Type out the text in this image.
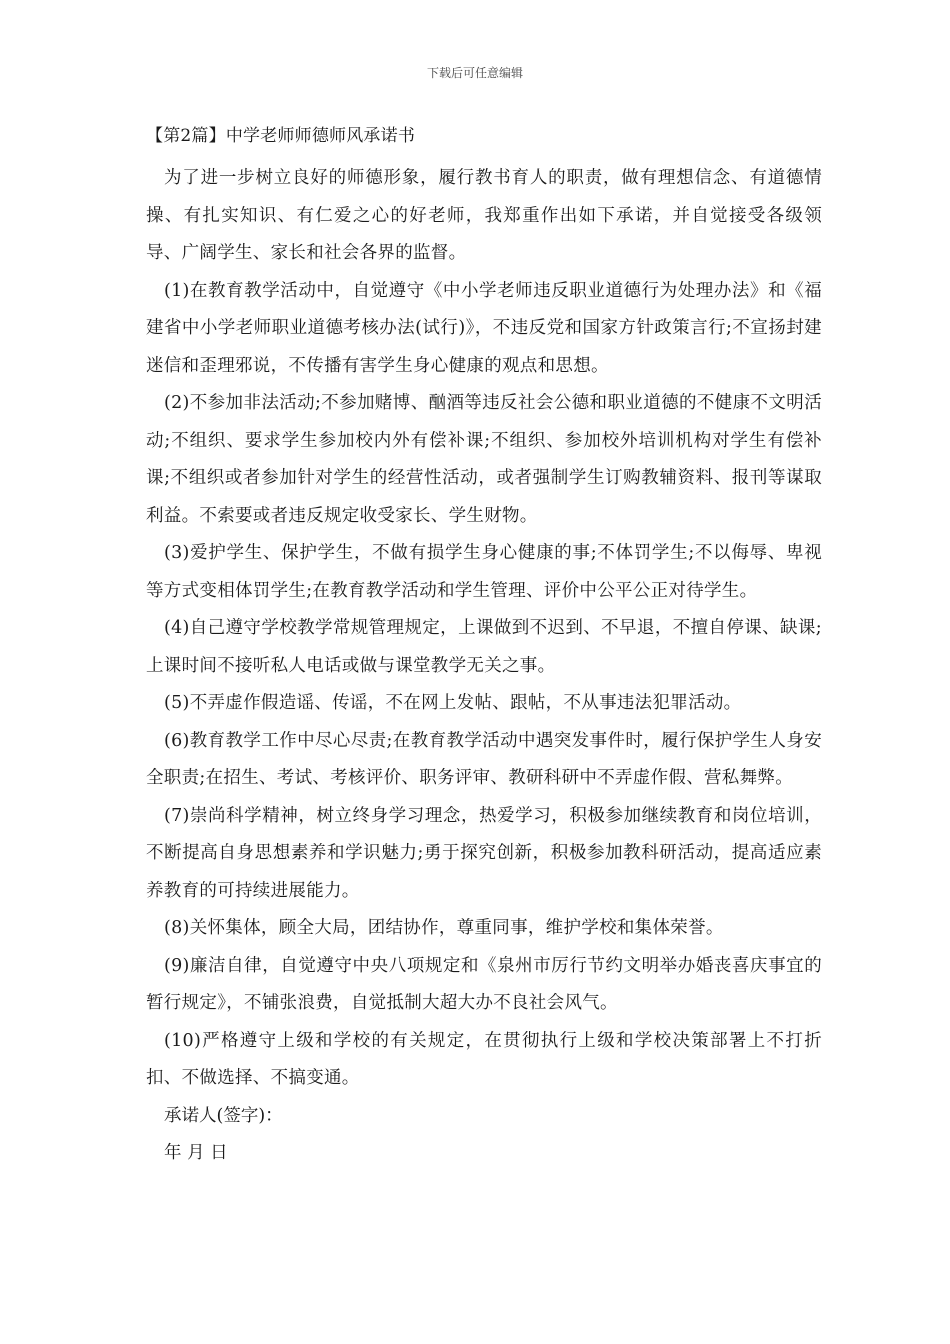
下载后可任意编辑
【第2篇】中学老师师德师风承诺书

为了进一步树立良好的师德形象，履行教书育人的职责，做有理想信念、有道德情操、有扎实知识、有仁爱之心的好老师，我郑重作出如下承诺，并自觉接受各级领导、广阔学生、家长和社会各界的监督。

(1)在教育教学活动中，自觉遵守《中小学老师违反职业道德行为处理办法》和《福建省中小学老师职业道德考核办法(试行)》，不违反党和国家方针政策言行;不宣扬封建迷信和歪理邪说，不传播有害学生身心健康的观点和思想。

(2)不参加非法活动;不参加赌博、酗酒等违反社会公德和职业道德的不健康不文明活动;不组织、要求学生参加校内外有偿补课;不组织、参加校外培训机构对学生有偿补课;不组织或者参加针对学生的经营性活动，或者强制学生订购教辅资料、报刊等谋取利益。不索要或者违反规定收受家长、学生财物。

(3)爱护学生、保护学生，不做有损学生身心健康的事;不体罚学生;不以侮辱、卑视等方式变相体罚学生;在教育教学活动和学生管理、评价中公平公正对待学生。

(4)自己遵守学校教学常规管理规定，上课做到不迟到、不早退，不擅自停课、缺课;上课时间不接听私人电话或做与课堂教学无关之事。

(5)不弄虚作假造谣、传谣，不在网上发帖、跟帖，不从事违法犯罪活动。

(6)教育教学工作中尽心尽责;在教育教学活动中遇突发事件时，履行保护学生人身安全职责;在招生、考试、考核评价、职务评审、教研科研中不弄虚作假、营私舞弊。

(7)崇尚科学精神，树立终身学习理念，热爱学习，积极参加继续教育和岗位培训，不断提高自身思想素养和学识魅力;勇于探究创新，积极参加教科研活动，提高适应素养教育的可持续进展能力。

(8)关怀集体，顾全大局，团结协作，尊重同事，维护学校和集体荣誉。

(9)廉洁自律，自觉遵守中央八项规定和《泉州市厉行节约文明举办婚丧喜庆事宜的暂行规定》，不铺张浪费，自觉抵制大超大办不良社会风气。

(10)严格遵守上级和学校的有关规定，在贯彻执行上级和学校决策部署上不打折扣、不做选择、不搞变通。

承诺人(签字)：

年 月 日
